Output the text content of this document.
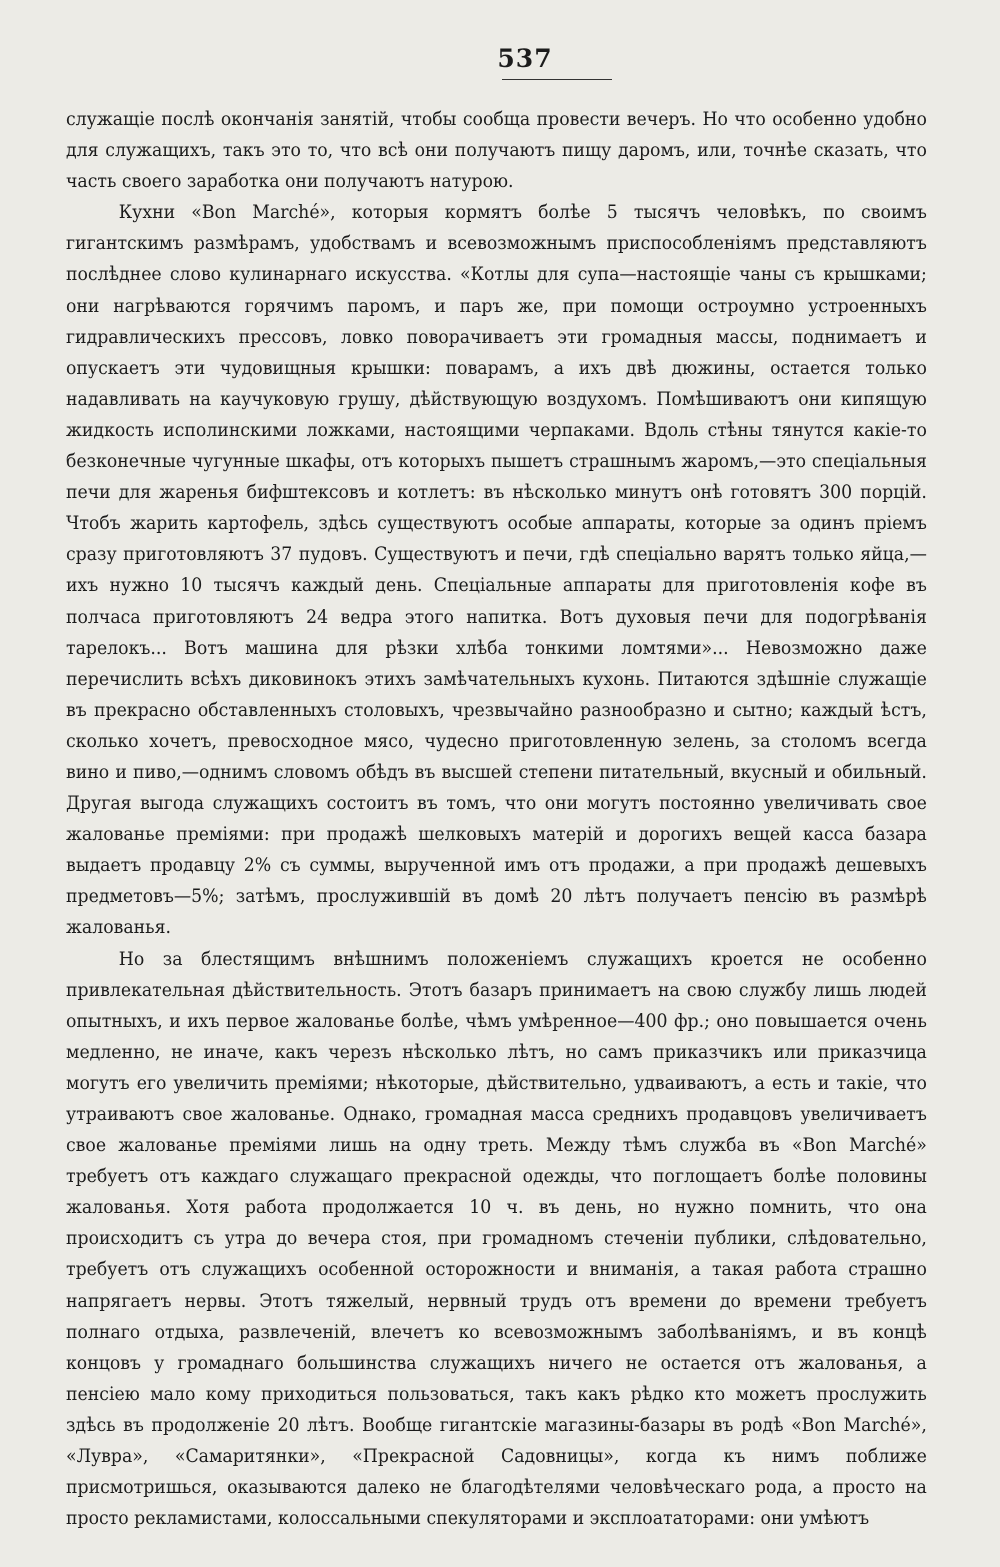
537

служащіе послѣ окончанія занятій, чтобы сообща провести вечеръ. Но что особенно удобно для служащихъ, такъ это то, что всѣ они получаютъ пищу даромъ, или, точнѣе сказать, что часть своего заработка они получаютъ натурою.

Кухни «Bon Marché», которыя кормятъ болѣе 5 тысячъ человѣкъ, по своимъ гигантскимъ размѣрамъ, удобствамъ и всевозможнымъ приспособленіямъ представляютъ послѣднее слово кулинарнаго искусства. «Котлы для супа—настоящіе чаны съ крышками; они нагрѣваются горячимъ паромъ, и паръ же, при помощи остроумно устроенныхъ гидравлическихъ прессовъ, ловко поворачиваетъ эти громадныя массы, поднимаетъ и опускаетъ эти чудовищныя крышки: поварамъ, а ихъ двѣ дюжины, остается только надавливать на каучуковую грушу, дѣйствующую воздухомъ. Помѣшиваютъ они кипящую жидкость исполинскими ложками, настоящими черпаками. Вдоль стѣны тянутся какіе-то безконечные чугунные шкафы, отъ которыхъ пышетъ страшнымъ жаромъ,—это спеціальныя печи для жаренья бифштексовъ и котлетъ: въ нѣсколько минутъ онѣ готовятъ 300 порцій. Чтобъ жарить картофель, здѣсь существуютъ особые аппараты, которые за одинъ пріемъ сразу приготовляютъ 37 пудовъ. Существуютъ и печи, гдѣ спеціально варятъ только яйца,—ихъ нужно 10 тысячъ каждый день. Спеціальные аппараты для приготовленія кофе въ полчаса приготовляютъ 24 ведра этого напитка. Вотъ духовыя печи для подогрѣванія тарелокъ... Вотъ машина для рѣзки хлѣба тонкими ломтями»... Невозможно даже перечислить всѣхъ диковинокъ этихъ замѣчательныхъ кухонь. Питаются здѣшніе служащіе въ прекрасно обставленныхъ столовыхъ, чрезвычайно разнообразно и сытно; каждый ѣстъ, сколько хочетъ, превосходное мясо, чудесно приготовленную зелень, за столомъ всегда вино и пиво,—однимъ словомъ обѣдъ въ высшей степени питательный, вкусный и обильный. Другая выгода служащихъ состоитъ въ томъ, что они могутъ постоянно увеличивать свое жалованье преміями: при продажѣ шелковыхъ матерій и дорогихъ вещей касса базара выдаетъ продавцу 2% съ суммы, вырученной имъ отъ продажи, а при продажѣ дешевыхъ предметовъ—5%; затѣмъ, прослужившій въ домѣ 20 лѣтъ получаетъ пенсію въ размѣрѣ жалованья.

Но за блестящимъ внѣшнимъ положеніемъ служащихъ кроется не особенно привлекательная дѣйствительность. Этотъ базаръ принимаетъ на свою службу лишь людей опытныхъ, и ихъ первое жалованье болѣе, чѣмъ умѣренное—400 фр.; оно повышается очень медленно, не иначе, какъ черезъ нѣсколько лѣтъ, но самъ приказчикъ или приказчица могутъ его увеличить преміями; нѣкоторые, дѣйствительно, удваиваютъ, а есть и такіе, что утраиваютъ свое жалованье. Однако, громадная масса среднихъ продавцовъ увеличиваетъ свое жалованье преміями лишь на одну треть. Между тѣмъ служба въ «Bon Marché» требуетъ отъ каждаго служащаго прекрасной одежды, что поглощаетъ болѣе половины жалованья. Хотя работа продолжается 10 ч. въ день, но нужно помнить, что она происходитъ съ утра до вечера стоя, при громадномъ стеченіи публики, слѣдовательно, требуетъ отъ служащихъ особенной осторожности и вниманія, а такая работа страшно напрягаетъ нервы. Этотъ тяжелый, нервный трудъ отъ времени до времени требуетъ полнаго отдыха, развлеченій, влечетъ ко всевозможнымъ заболѣваніямъ, и въ концѣ концовъ у громаднаго большинства служащихъ ничего не остается отъ жалованья, а пенсіею мало кому приходиться пользоваться, такъ какъ рѣдко кто можетъ прослужить здѣсь въ продолженіе 20 лѣтъ. Вообще гигантскіе магазины-базары въ родѣ «Bon Marché», «Лувра», «Самаритянки», «Прекрасной Садовницы», когда къ нимъ поближе присмотришься, оказываются далеко не благодѣтелями человѣческаго рода, а просто на просто рекламистами, колоссальными спекуляторами и эксплоататорами: они умѣютъ
